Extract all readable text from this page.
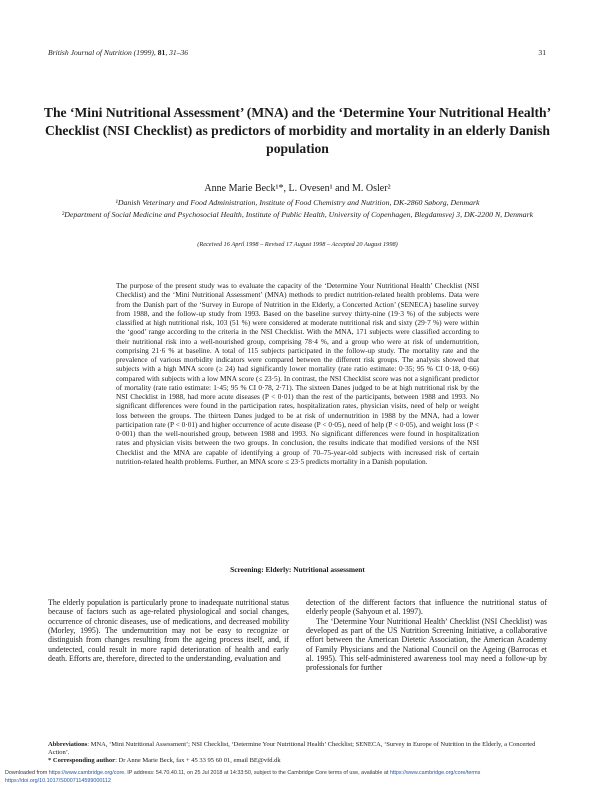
British Journal of Nutrition (1999), 81, 31–36	31
The ‘Mini Nutritional Assessment’ (MNA) and the ‘Determine Your Nutritional Health’ Checklist (NSI Checklist) as predictors of morbidity and mortality in an elderly Danish population
Anne Marie Beck¹*, L. Ovesen¹ and M. Osler²
¹Danish Veterinary and Food Administration, Institute of Food Chemistry and Nutrition, DK-2860 Søborg, Denmark
²Department of Social Medicine and Psychosocial Health, Institute of Public Health, University of Copenhagen, Blegdamsvej 3, DK-2200 N, Denmark
(Received 16 April 1998 – Revised 17 August 1998 – Accepted 20 August 1998)
The purpose of the present study was to evaluate the capacity of the ‘Determine Your Nutritional Health’ Checklist (NSI Checklist) and the ‘Mini Nutritional Assessment’ (MNA) methods to predict nutrition-related health problems. Data were from the Danish part of the ‘Survey in Europe of Nutrition in the Elderly, a Concerted Action’ (SENECA) baseline survey from 1988, and the follow-up study from 1993. Based on the baseline survey thirty-nine (19·3 %) of the subjects were classified at high nutritional risk, 103 (51 %) were considered at moderate nutritional risk and sixty (29·7 %) were within the ‘good’ range according to the criteria in the NSI Checklist. With the MNA, 171 subjects were classified according to their nutritional risk into a well-nourished group, comprising 78·4 %, and a group who were at risk of undernutrition, comprising 21·6 % at baseline. A total of 115 subjects participated in the follow-up study. The mortality rate and the prevalence of various morbidity indicators were compared between the different risk groups. The analysis showed that subjects with a high MNA score (≥ 24) had significantly lower mortality (rate ratio estimate: 0·35; 95 % CI 0·18, 0·66) compared with subjects with a low MNA score (≤ 23·5). In contrast, the NSI Checklist score was not a significant predictor of mortality (rate ratio estimate: 1·45; 95 % CI 0·78, 2·71). The sixteen Danes judged to be at high nutritional risk by the NSI Checklist in 1988, had more acute diseases (P < 0·01) than the rest of the participants, between 1988 and 1993. No significant differences were found in the participation rates, hospitalization rates, physician visits, need of help or weight loss between the groups. The thirteen Danes judged to be at risk of undernutrition in 1988 by the MNA, had a lower participation rate (P < 0·01) and higher occurrence of acute disease (P < 0·05), need of help (P < 0·05), and weight loss (P < 0·001) than the well-nourished group, between 1988 and 1993. No significant differences were found in hospitalization rates and physician visits between the two groups. In conclusion, the results indicate that modified versions of the NSI Checklist and the MNA are capable of identifying a group of 70–75-year-old subjects with increased risk of certain nutrition-related health problems. Further, an MNA score ≤ 23·5 predicts mortality in a Danish population.
Screening: Elderly: Nutritional assessment

The elderly population is particularly prone to inadequate nutritional status because of factors such as age-related physiological and social changes, occurrence of chronic diseases, use of medications, and decreased mobility (Morley, 1995). The undernutrition may not be easy to recognize or distinguish from changes resulting from the ageing process itself, and, if undetected, could result in more rapid deterioration of health and early death. Efforts are, therefore, directed to the understanding, evaluation and

detection of the different factors that influence the nutritional status of elderly people (Sahyoun et al. 1997).

The ‘Determine Your Nutritional Health’ Checklist (NSI Checklist) was developed as part of the US Nutrition Screening Initiative, a collaborative effort between the American Dietetic Association, the American Academy of Family Physicians and the National Council on the Ageing (Barrocas et al. 1995). This self-administered awareness tool may need a follow-up by professionals for further

Abbreviations: MNA, ‘Mini Nutritional Assessment’; NSI Checklist, ‘Determine Your Nutritional Health’ Checklist; SENECA, ‘Survey in Europe of Nutrition in the Elderly, a Concerted Action’.
* Corresponding author: Dr Anne Marie Beck, fax + 45 33 95 60 01, email BE@vfd.dk
Downloaded from https://www.cambridge.org/core. IP address: 54.70.40.11, on 25 Jul 2018 at 14:33:50, subject to the Cambridge Core terms of use, available at https://www.cambridge.org/core/terms
https://doi.org/10.1017/S0007114599000112
